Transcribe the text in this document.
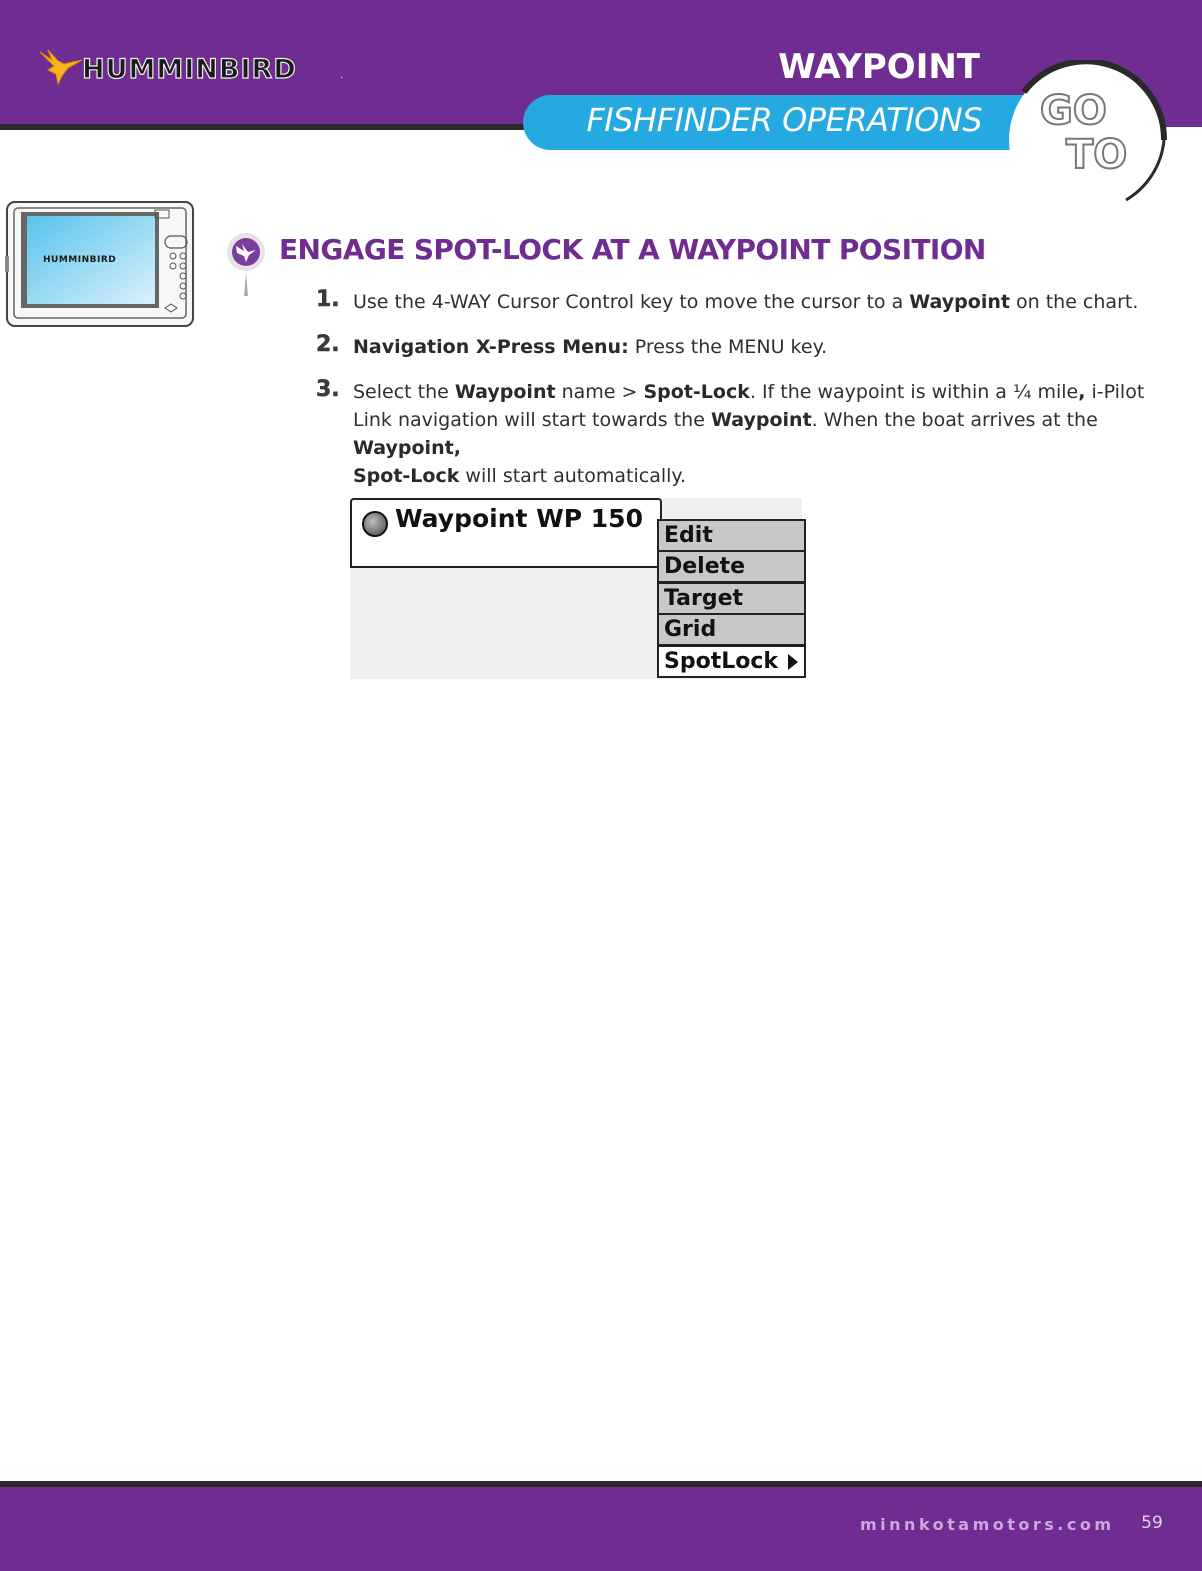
HUMMINBIRD	.	WAYPOINT
FISHFINDER OPERATIONS GO
TO
HUMMINBIRD	ENGAGE SPOT-LOCK AT A WAYPOINT POSITION
1. Use the 4-WAY Cursor Control key to move the cursor to a Waypoint on the chart.
2. Navigation X-Press Menu: Press the MENU key.
3. Select the Waypoint name > Spot-Lock. If the waypoint is within a ¼ mile, i-Pilot Link navigation will start towards the Waypoint. When the boat arrives at the Waypoint,
Spot-Lock will start automatically.
Waypoint WP 150
Edit
Delete
Target
Grid
SpotLock
minnkotamotors.com	59
